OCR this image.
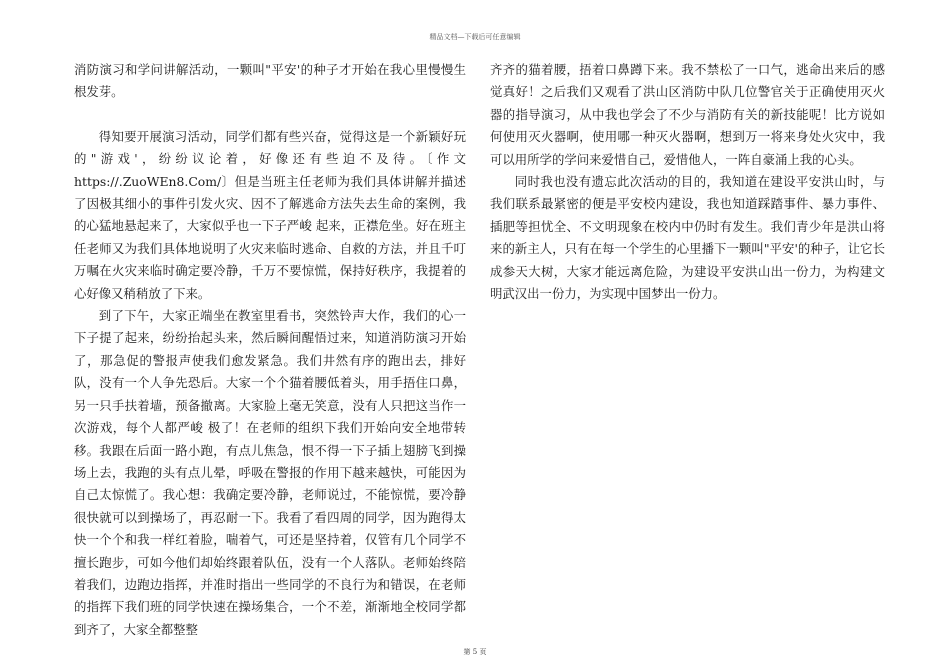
精品文档—下载后可任意编辑

消防演习和学问讲解活动，一颗叫"平安'的种子才开始在我心里慢慢生根发芽。

得知要开展演习活动，同学们都有些兴奋，觉得这是一个新颖好玩的"游戏'，纷纷议论着，好像还有些迫不及待。〔作文https://.ZuoWEn8.Com/〕但是当班主任老师为我们具体讲解并描述了因极其细小的事件引发火灾、因不了解逃命方法失去生命的案例，我的心猛地悬起来了，大家似乎也一下子严峻 起来，正襟危坐。好在班主任老师又为我们具体地说明了火灾来临时逃命、自救的方法，并且千叮万嘱在火灾来临时确定要冷静，千万不要惊慌，保持好秩序，我提着的心好像又稍稍放了下来。

到了下午，大家正端坐在教室里看书，突然铃声大作，我们的心一下子提了起来，纷纷抬起头来，然后瞬间醒悟过来，知道消防演习开始了，那急促的警报声使我们愈发紧急。我们井然有序的跑出去，排好队，没有一个人争先恐后。大家一个个猫着腰低着头，用手捂住口鼻，另一只手扶着墙，预备撤离。大家脸上毫无笑意，没有人只把这当作一次游戏，每个人都严峻 极了！在老师的组织下我们开始向安全地带转移。我跟在后面一路小跑，有点儿焦急，恨不得一下子插上翅膀飞到操场上去，我跑的头有点儿晕，呼吸在警报的作用下越来越快，可能因为自己太惊慌了。我心想：我确定要冷静，老师说过，不能惊慌，要冷静很快就可以到操场了，再忍耐一下。我看了看四周的同学，因为跑得太快一个个和我一样红着脸，喘着气，可还是坚持着，仅管有几个同学不擅长跑步，可如今他们却始终跟着队伍，没有一个人落队。老师始终陪着我们，边跑边指挥，并准时指出一些同学的不良行为和错误，在老师的指挥下我们班的同学快速在操场集合，一个不差，渐渐地全校同学都到齐了，大家全都整整

齐齐的猫着腰，捂着口鼻蹲下来。我不禁松了一口气，逃命出来后的感觉真好！之后我们又观看了洪山区消防中队几位警官关于正确使用灭火器的指导演习，从中我也学会了不少与消防有关的新技能呢！比方说如何使用灭火器啊，使用哪一种灭火器啊，想到万一将来身处火灾中，我可以用所学的学问来爱惜自己，爱惜他人，一阵自豪涌上我的心头。

同时我也没有遗忘此次活动的目的，我知道在建设平安洪山时，与我们联系最紧密的便是平安校内建设，我也知道踩踏事件、暴力事件、插肥等担忧全、不文明现象在校内中仍时有发生。我们青少年是洪山将来的新主人，只有在每一个学生的心里播下一颗叫"平安'的种子，让它长成参天大树，大家才能远离危险，为建设平安洪山出一份力，为构建文明武汉出一份力，为实现中国梦出一份力。

第 5 页
